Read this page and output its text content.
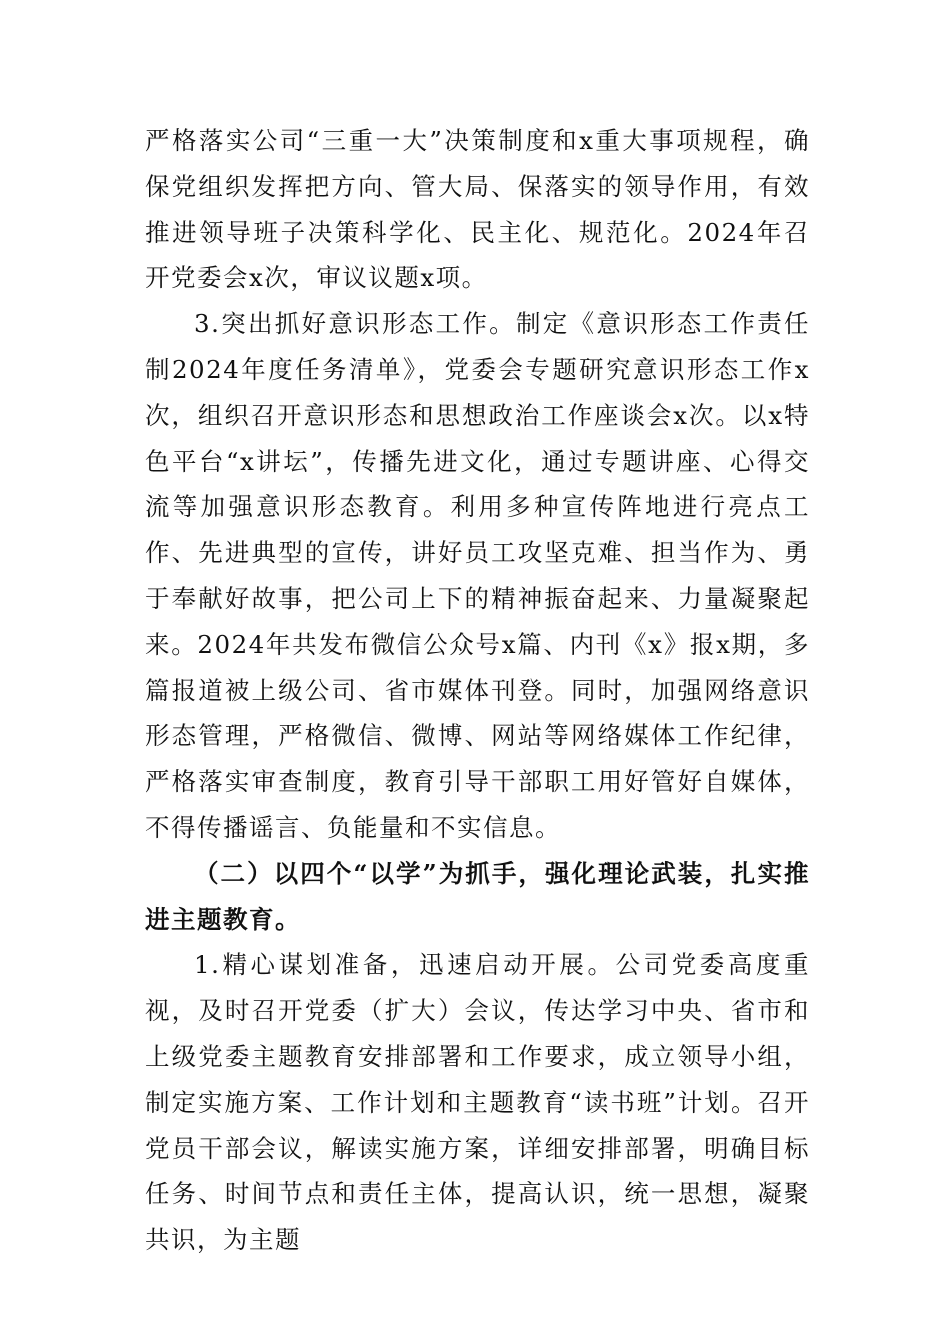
严格落实公司“三重一大”决策制度和x重大事项规程，确保党组织发挥把方向、管大局、保落实的领导作用，有效推进领导班子决策科学化、民主化、规范化。2024年召开党委会x次，审议议题x项。

3.突出抓好意识形态工作。制定《意识形态工作责任制2024年度任务清单》，党委会专题研究意识形态工作x次，组织召开意识形态和思想政治工作座谈会x次。以x特色平台“x讲坛”，传播先进文化，通过专题讲座、心得交流等加强意识形态教育。利用多种宣传阵地进行亮点工作、先进典型的宣传，讲好员工攻坚克难、担当作为、勇于奉献好故事，把公司上下的精神振奋起来、力量凝聚起来。2024年共发布微信公众号x篇、内刊《x》报x期，多篇报道被上级公司、省市媒体刊登。同时，加强网络意识形态管理，严格微信、微博、网站等网络媒体工作纪律，严格落实审查制度，教育引导干部职工用好管好自媒体，不得传播谣言、负能量和不实信息。

（二）以四个“以学”为抓手，强化理论武装，扎实推进主题教育。

1.精心谋划准备，迅速启动开展。公司党委高度重视，及时召开党委（扩大）会议，传达学习中央、省市和上级党委主题教育安排部署和工作要求，成立领导小组，制定实施方案、工作计划和主题教育“读书班”计划。召开党员干部会议，解读实施方案，详细安排部署，明确目标任务、时间节点和责任主体，提高认识，统一思想，凝聚共识，为主题
